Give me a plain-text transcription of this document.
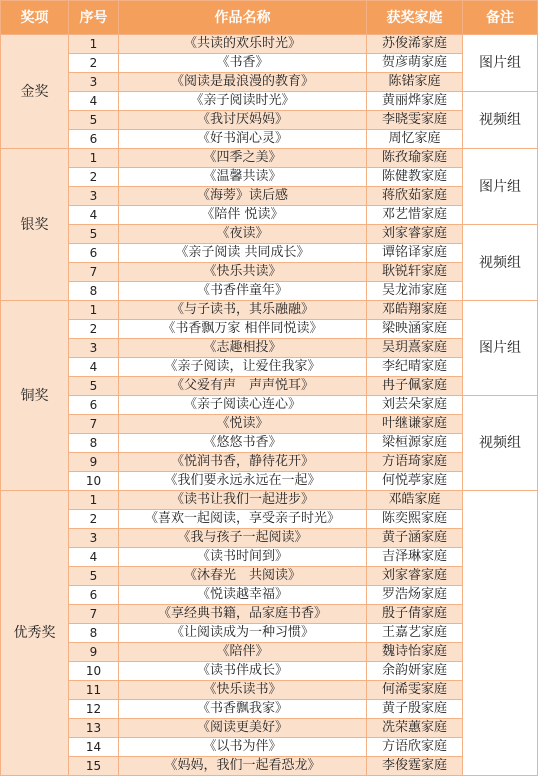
奖项	序号	作品名称	获奖家庭	备注
金奖	1	《共读的欢乐时光》	苏俊浠家庭	图片组
	2	《书香》	贺彦萌家庭	
	3	《阅读是最浪漫的教育》	陈锘家庭	
	4	《亲子阅读时光》	黄丽烨家庭	视频组
	5	《我讨厌妈妈》	李晓雯家庭	
	6	《好书润心灵》	周忆家庭	
银奖	1	《四季之美》	陈孜瑜家庭	图片组
	2	《温馨共读》	陈健教家庭	
	3	《海蒡》读后感	蒋欣茹家庭	
	4	《陪伴 悦读》	邓艺惜家庭	
	5	《夜读》	刘家睿家庭	视频组
	6	《亲子阅读 共同成长》	谭铭译家庭	
	7	《快乐共读》	耿锐轩家庭	
	8	《书香伴童年》	吴龙沛家庭	
铜奖	1	《与子读书，其乐融融》	邓皓翔家庭	图片组
	2	《书香飘万家 相伴同悦读》	梁映涵家庭	
	3	《志趣相投》	吴玥熹家庭	
	4	《亲子阅读，让爱住我家》	李纪晴家庭	
	5	《父爱有声　声声悦耳》	冉子佩家庭	
	6	《亲子阅读心连心》	刘芸朵家庭	视频组
	7	《悦读》	叶继谦家庭	
	8	《悠悠书香》	梁桓源家庭	
	9	《悦润书香，静待花开》	方语琦家庭	
	10	《我们要永远永远在一起》	何悦葶家庭	
优秀奖	1	《读书让我们一起进步》	邓皓家庭	
	2	《喜欢一起阅读，享受亲子时光》	陈奕熙家庭	
	3	《我与孩子一起阅读》	黄子涵家庭	
	4	《读书时间到》	吉泽琳家庭	
	5	《沐春光　共阅读》	刘家睿家庭	
	6	《悦读越幸福》	罗浩炀家庭	
	7	《享经典书籍，品家庭书香》	殷子倩家庭	
	8	《让阅读成为一种习惯》	王嘉艺家庭	
	9	《陪伴》	魏诗怡家庭	
	10	《读书伴成长》	余韵妍家庭	
	11	《快乐读书》	何浠雯家庭	
	12	《书香飘我家》	黄子殷家庭	
	13	《阅读更美好》	冼荣蕙家庭	
	14	《以书为伴》	方语欣家庭	
	15	《妈妈，我们一起看恐龙》	李俊霆家庭	
